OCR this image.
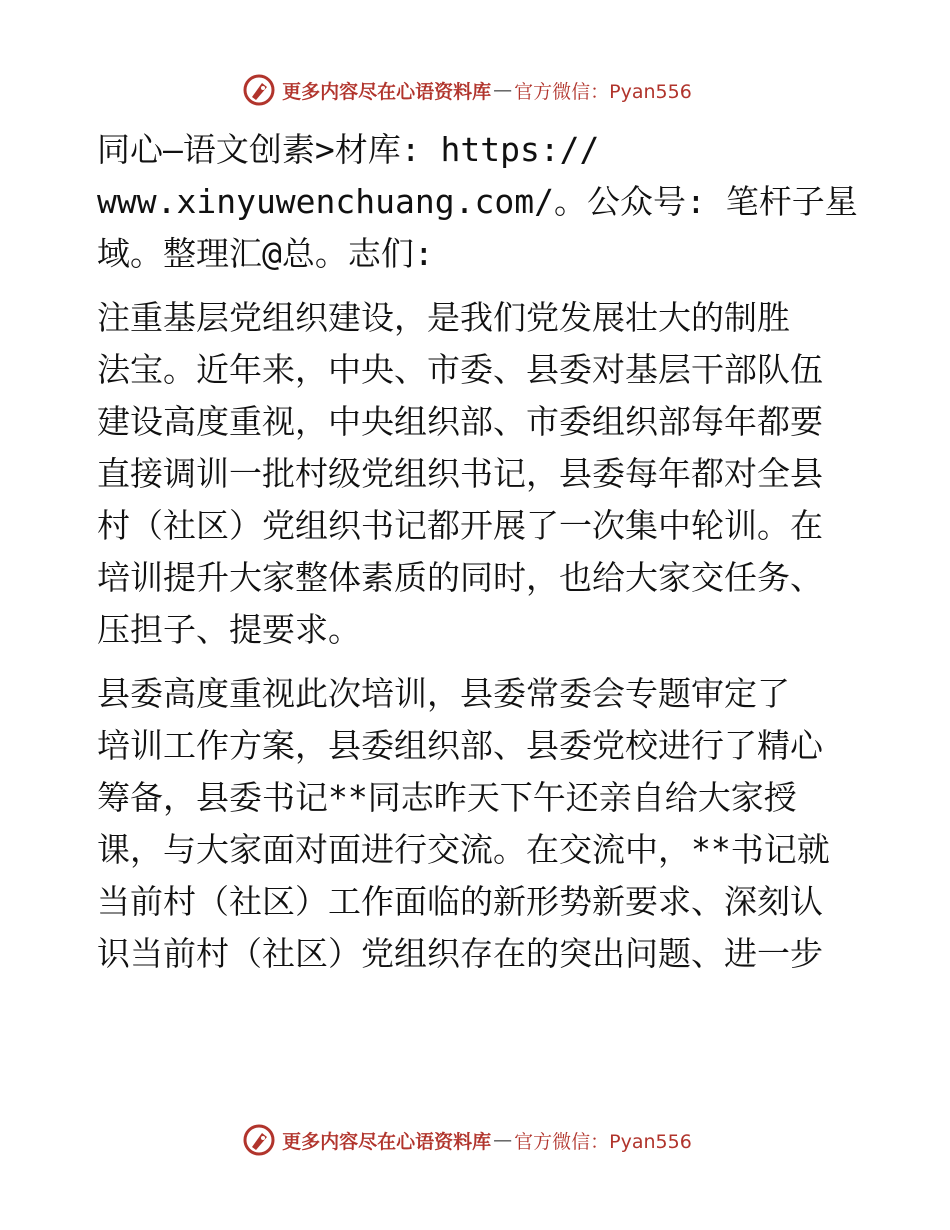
更多内容尽在心语资料库 — 官方微信：Pyan556

同心—语文创素>材库: https://
www.xinyuwenchuang.com/。公众号: 笔杆子星
域。整理汇@总。志们:

注重基层党组织建设，是我们党发展壮大的制胜
法宝。近年来，中央、市委、县委对基层干部队伍
建设高度重视，中央组织部、市委组织部每年都要
直接调训一批村级党组织书记，县委每年都对全县
村（社区）党组织书记都开展了一次集中轮训。在
培训提升大家整体素质的同时，也给大家交任务、
压担子、提要求。

县委高度重视此次培训，县委常委会专题审定了
培训工作方案，县委组织部、县委党校进行了精心
筹备，县委书记**同志昨天下午还亲自给大家授
课，与大家面对面进行交流。在交流中，**书记就
当前村（社区）工作面临的新形势新要求、深刻认
识当前村（社区）党组织存在的突出问题、进一步

更多内容尽在心语资料库 — 官方微信：Pyan556
